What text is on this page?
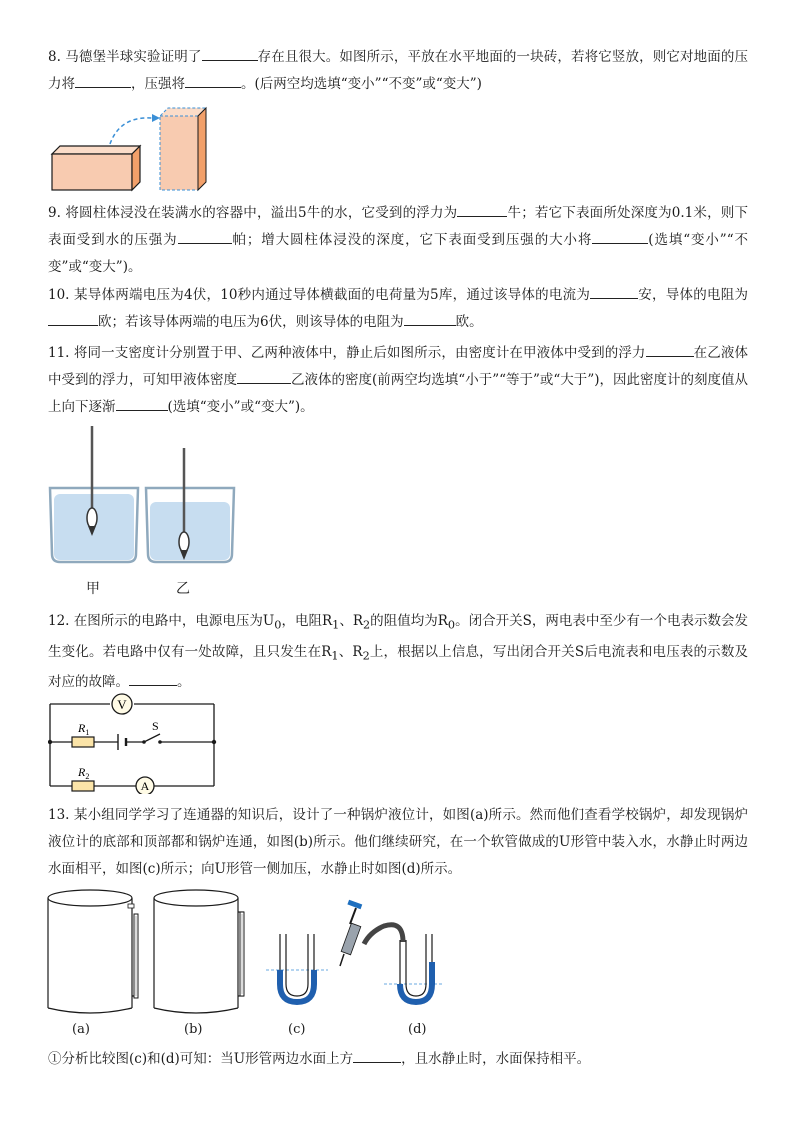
8. 马德堡半球实验证明了	存在且很大。如图所示，平放在水平地面的一块砖，若将它竖放，则它对地面的压力将	，压强将	。(后两空均选填“变小”“不变”或“变大”)

9. 将圆柱体浸没在装满水的容器中，溢出5牛的水，它受到的浮力为	牛；若它下表面所处深度为0.1米，则下表面受到水的压强为	帕；增大圆柱体浸没的深度，它下表面受到压强的大小将	(选填“变小”“不变”或“变大”)。

10. 某导体两端电压为4伏，10秒内通过导体横截面的电荷量为5库，通过该导体的电流为	安，导体的电阻为欧；若该导体两端的电压为6伏，则该导体的电阻为	欧。

11. 将同一支密度计分别置于甲、乙两种液体中，静止后如图所示，由密度计在甲液体中受到的浮力	在乙液体中受到的浮力，可知甲液体密度	乙液体的密度(前两空均选填“小于”“等于”或“大于”)，因此密度计的刻度值从上向下逐渐	(选填“变小”或“变大”)。

甲	乙

12. 在图所示的电路中，电源电压为$U_0$，电阻$R_1$、$R_2$的阻值均为$R_0$。闭合开关S，两电表中至少有一个电表示数会发生变化。若电路中仅有一处故障，且只发生在$R_1$、$R_2$上，根据以上信息，写出闭合开关S后电流表和电压表的示数及对应的故障。	。

V
$R_1$	S
$R_2$
A

13. 某小组同学学习了连通器的知识后，设计了一种锅炉液位计，如图(a)所示。然而他们查看学校锅炉，却发现锅炉液位计的底部和顶部都和锅炉连通，如图(b)所示。他们继续研究，在一个软管做成的U形管中装入水，水静止时两边水面相平，如图(c)所示；向U形管一侧加压，水静止时如图(d)所示。

(a)	(b)	(c)	(d)

①分析比较图(c)和(d)可知：当U形管两边水面上方	，且水静止时，水面保持相平。
